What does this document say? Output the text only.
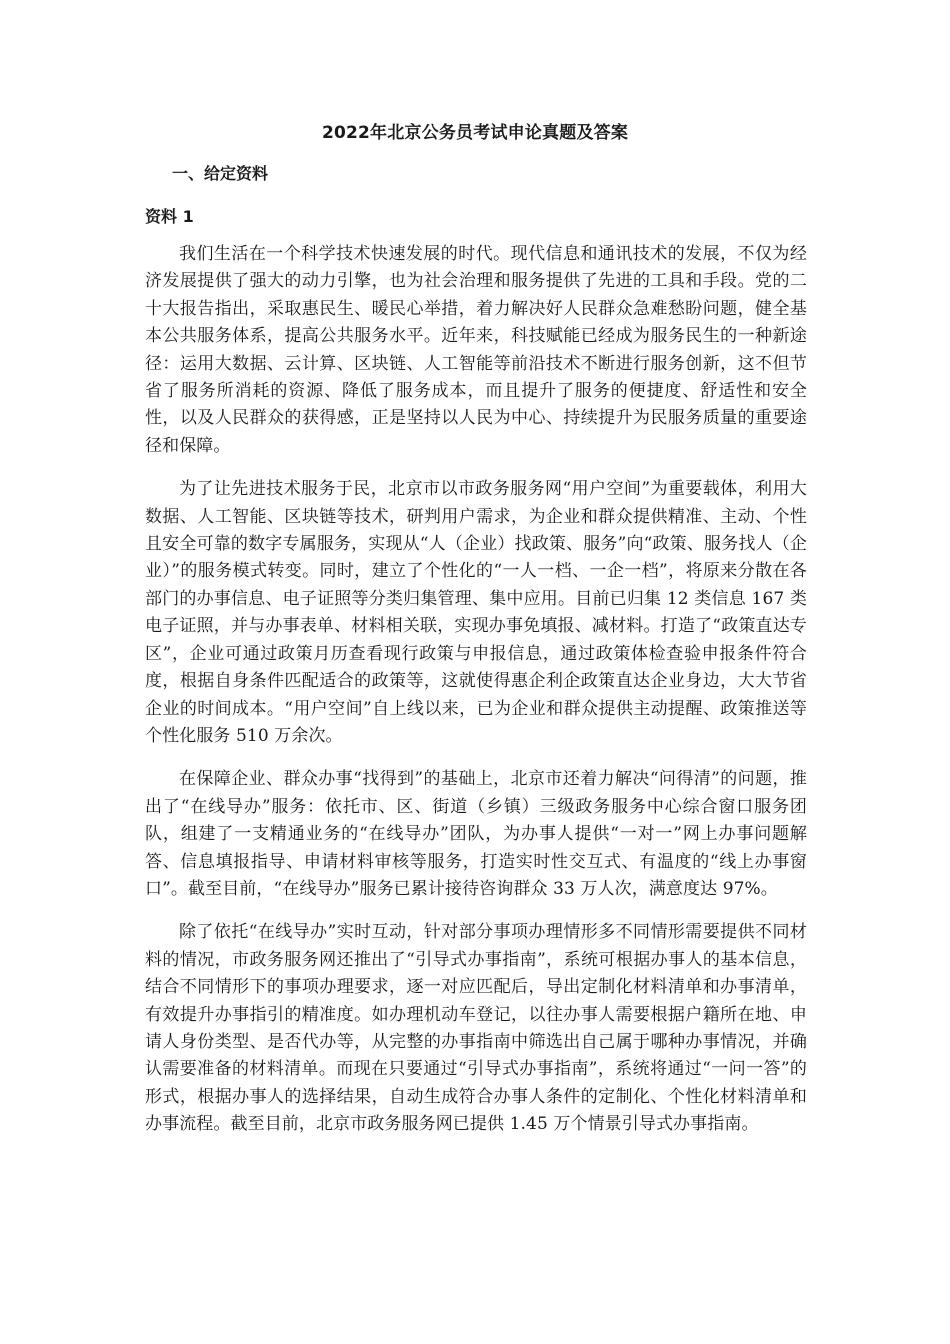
2022年北京公务员考试申论真题及答案
一、给定资料
资料 1

我们生活在一个科学技术快速发展的时代。现代信息和通讯技术的发展，不仅为经济发展提供了强大的动力引擎，也为社会治理和服务提供了先进的工具和手段。党的二十大报告指出，采取惠民生、暖民心举措，着力解决好人民群众急难愁盼问题，健全基本公共服务体系，提高公共服务水平。近年来，科技赋能已经成为服务民生的一种新途径：运用大数据、云计算、区块链、人工智能等前沿技术不断进行服务创新，这不但节省了服务所消耗的资源、降低了服务成本，而且提升了服务的便捷度、舒适性和安全性，以及人民群众的获得感，正是坚持以人民为中心、持续提升为民服务质量的重要途径和保障。

为了让先进技术服务于民，北京市以市政务服务网“用户空间”为重要载体，利用大数据、人工智能、区块链等技术，研判用户需求，为企业和群众提供精准、主动、个性且安全可靠的数字专属服务，实现从“人（企业）找政策、服务”向“政策、服务找人（企业）”的服务模式转变。同时，建立了个性化的“一人一档、一企一档”，将原来分散在各部门的办事信息、电子证照等分类归集管理、集中应用。目前已归集 12 类信息 167 类电子证照，并与办事表单、材料相关联，实现办事免填报、减材料。打造了“政策直达专区”，企业可通过政策月历查看现行政策与申报信息，通过政策体检查验申报条件符合度，根据自身条件匹配适合的政策等，这就使得惠企利企政策直达企业身边，大大节省企业的时间成本。“用户空间”自上线以来，已为企业和群众提供主动提醒、政策推送等个性化服务 510 万余次。

在保障企业、群众办事“找得到”的基础上，北京市还着力解决“问得清”的问题，推出了“在线导办”服务：依托市、区、街道（乡镇）三级政务服务中心综合窗口服务团队，组建了一支精通业务的“在线导办”团队，为办事人提供“一对一”网上办事问题解答、信息填报指导、申请材料审核等服务，打造实时性交互式、有温度的“线上办事窗口”。截至目前，“在线导办”服务已累计接待咨询群众 33 万人次，满意度达 97%。

除了依托“在线导办”实时互动，针对部分事项办理情形多不同情形需要提供不同材料的情况，市政务服务网还推出了“引导式办事指南”，系统可根据办事人的基本信息，结合不同情形下的事项办理要求，逐一对应匹配后，导出定制化材料清单和办事清单，有效提升办事指引的精准度。如办理机动车登记，以往办事人需要根据户籍所在地、申请人身份类型、是否代办等，从完整的办事指南中筛选出自己属于哪种办事情况，并确认需要准备的材料清单。而现在只要通过“引导式办事指南”，系统将通过“一问一答”的形式，根据办事人的选择结果，自动生成符合办事人条件的定制化、个性化材料清单和办事流程。截至目前，北京市政务服务网已提供 1.45 万个情景引导式办事指南。
